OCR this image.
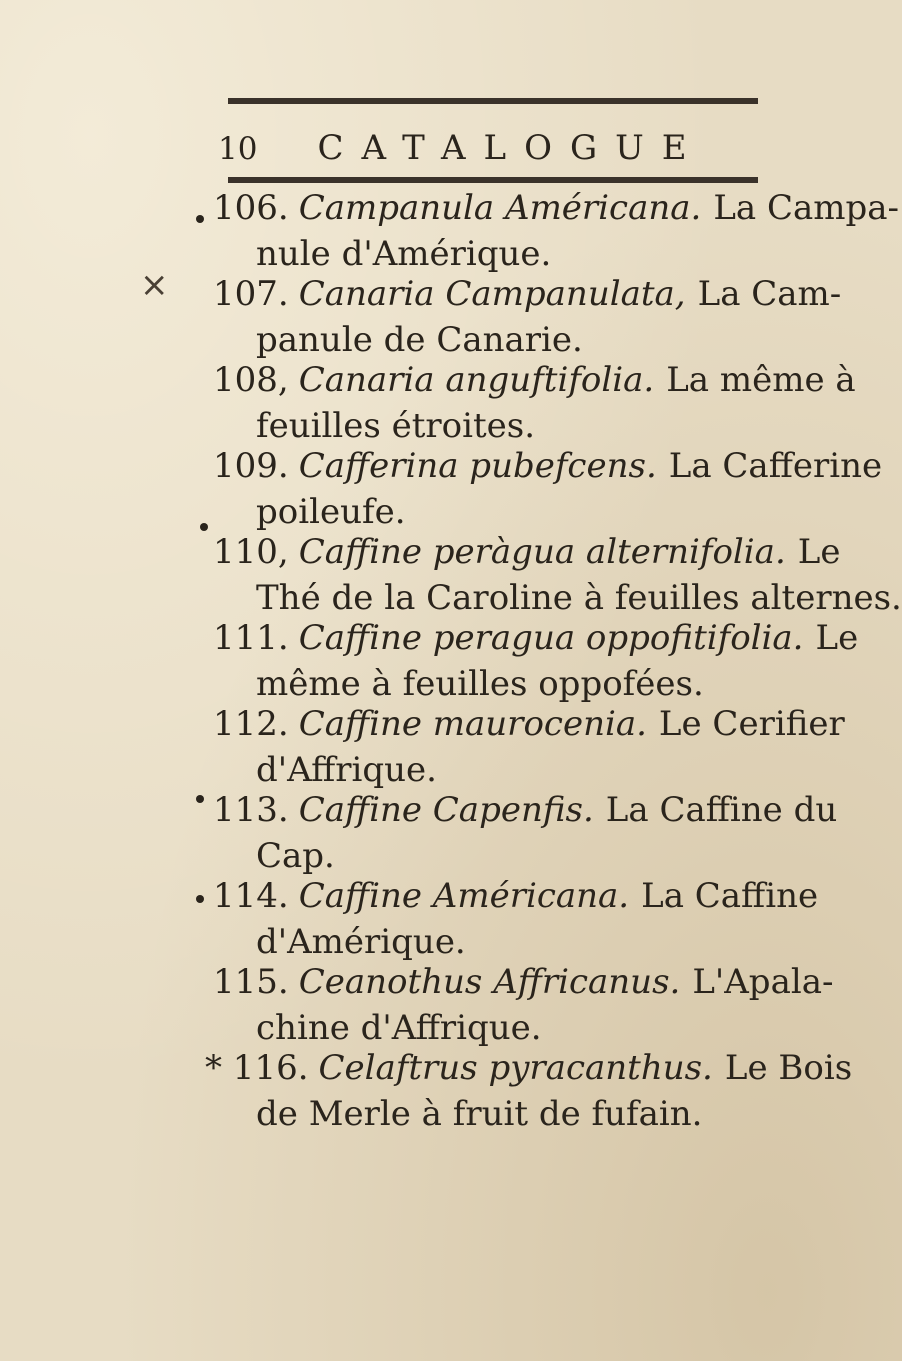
10 CATALOGUE
×
106. Campanula Américana. La Campa-
nule d'Amérique.
107. Canaria Campanulata, La Cam-
panule de Canarie.
108, Canaria anguftifolia. La même à
feuilles étroites.
109. Cafferina pubefcens. La Cafferine
poileufe.
110, Caffine peràgua alternifolia. Le
Thé de la Caroline à feuilles alternes.
111. Caffine peragua oppofitifolia. Le
même à feuilles oppofées.
112. Caffine maurocenia. Le Cerifier
d'Affrique.
113. Caffine Capenfis. La Caffine du
Cap.
114. Caffine Américana. La Caffine
d'Amérique.
115. Ceanothus Affricanus. L'Apala-
chine d'Affrique.
* 116. Celaftrus pyracanthus. Le Bois
de Merle à fruit de fufain.
